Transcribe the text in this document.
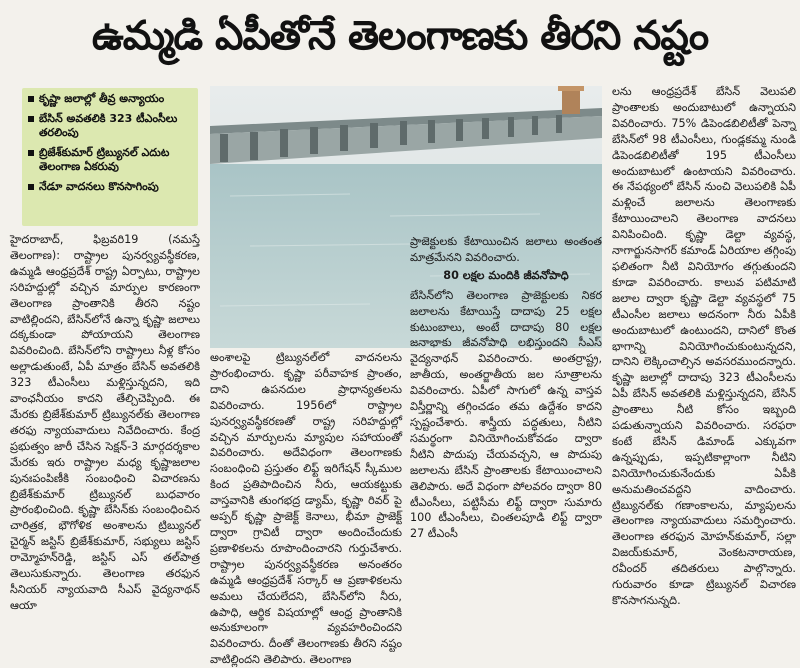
ఉమ్మడి ఏపీతోనే తెలంగాణకు తీరని నష్టం
కృష్ణా జలాల్లో తీవ్ర అన్యాయం
బేసిన్ అవతలికి 323 టీఎంసీలు తరలింపు
బ్రిజేశ్‌కుమార్ ట్రిబ్యునల్ ఎదుట తెలంగాణ ఏకరువు
నేడూ వాదనలు కొనసాగింపు

హైదరాబాద్, ఫిబ్రవరి19 (నమస్తే తెలంగాణ): రాష్ట్రాల పునర్వ్యవస్థీకరణ, ఉమ్మడి ఆంధ్రప్రదేశ్ రాష్ట్ర ఏర్పాటు, రాష్ట్రాల సరిహద్దుల్లో వచ్చిన మార్పుల కారణంగా తెలంగాణ ప్రాంతానికి తీరని నష్టం వాటిల్లిందని, బేసిన్‌లోనే ఉన్నా కృష్ణా జలాలు దక్కకుండా పోయాయని తెలంగాణ వివరించింది. బేసిన్‌లోని రాష్ట్రాలు నీళ్ల కోసం అల్లాడుతుంటే, ఏపీ మాత్రం బేసిన్ అవతలికి 323 టీఎంసీలు మళ్లిస్తున్నదని, ఇది వాంఛనీయం కాదని తేల్చిచెప్పింది. ఈ మేరకు బ్రిజేశ్‌కుమార్ ట్రిబ్యునల్‌కు తెలంగాణ తరఫు న్యాయవాదులు నివేదించారు. కేంద్ర ప్రభుత్వం జారీ చేసిన సెక్షన్-3 మార్గదర్శకాల మేరకు ఇరు రాష్ట్రాల మధ్య కృష్ణాజలాల పునఃపంపిణీకి సంబంధించి విచారణను బ్రిజేశ్‌కుమార్ ట్రిబ్యునల్ బుధవారం ప్రారంభించింది. కృష్ణా బేసిన్‌కు సంబంధించిన చారిత్రక, భౌగోళిక అంశాలను ట్రిబ్యునల్ చైర్మన్ జస్టిస్ బ్రిజేశ్‌కుమార్, సభ్యులు జస్టిస్ రామ్మోహన్‌రెడ్డి, జస్టిస్ ఎస్ తల్‌పాత్ర తెలుసుకున్నారు. తెలంగాణ తరఫున సీనియర్ న్యాయవాది సీఎస్ వైద్యనాథన్ ఆయా

అంశాలపై ట్రిబ్యునల్‌లో వాదనలను ప్రారంభించారు. కృష్ణా పరీవాహక ప్రాంతం, దాని ఉపనదుల ప్రాధాన్యతలను వివరించారు. 1956లో రాష్ట్రాల పునర్వ్యవస్థీకరణతో రాష్ట్ర సరిహద్దుల్లో వచ్చిన మార్పులను మ్యాపుల సహాయంతో వివరించారు. అదేవిధంగా తెలంగాణకు సంబంధించి ప్రస్తుతం లిఫ్ట్ ఇరిగేషన్ స్కీముల కింద ప్రతిపాదించిన నీరు, ఆయకట్టుకు వాస్తవానికి తుంగభద్ర డ్యామ్, కృష్ణా రివర్ పై అప్పర్ కృష్ణా ప్రాజెక్ట్ కెనాలు, భీమా ప్రాజెక్ట్ ద్వారా గ్రావిటీ ద్వారా అందించేందుకు ప్రణాళికలను రూపొందించారని గుర్తుచేశారు. రాష్ట్రాల పునర్వ్యవస్థీకరణ అనంతరం ఉమ్మడి ఆంధ్రప్రదేశ్ సర్కార్ ఆ ప్రణాళికలను అమలు చేయలేదని, బేసిన్‌లోని నీరు, ఉపాధి, ఆర్థిక విషయాల్లో ఆంధ్ర ప్రాంతానికి అనుకూలంగా వ్యవహరించిందని వివరించారు. దీంతో తెలంగాణకు తీరని నష్టం వాటిల్లిందని తెలిపారు. తెలంగాణ

ప్రాజెక్టులకు కేటాయించిన జలాలు అంతంత మాత్రమేనని వివరించారు.

80 లక్షల మందికి జీవనోపాధి

బేసిన్‌లోని తెలంగాణ ప్రాజెక్టులకు నికర జలాలను కేటాయిస్తే దాదాపు 25 లక్షల కుటుంబాలు, అంటే దాదాపు 80 లక్షల జనాభాకు జీవనోపాధి లభిస్తుందని సీఎస్ వైద్యనాథన్ వివరించారు. అంతర్రాష్ట్ర, జాతీయ, అంతర్జాతీయ జల సూత్రాలను వివరించారు. ఏపీలో సాగులో ఉన్న వాస్తవ విస్తీర్ణాన్ని తగ్గించడం తమ ఉద్దేశం కాదని స్పష్టంచేశారు. శాస్త్రీయ పద్ధతులు, నీటిని సమర్థంగా వినియోగించుకోవడం ద్వారా నీటిని పొదుపు చేయవచ్చని, ఆ పొదుపు జలాలను బేసిన్ ప్రాంతాలకు కేటాయించాలని తెలిపారు. అదే విధంగా పోలవరం ద్వారా 80 టీఎంసీలు, పట్టిసీమ లిఫ్ట్ ద్వారా సుమారు 100 టీఎంసీలు, చింతలపూడి లిఫ్ట్ ద్వారా 27 టీఎంసీ

లను ఆంధ్రప్రదేశ్ బేసిన్ వెలుపలి ప్రాంతాలకు అందుబాటులో ఉన్నాయని వివరించారు. 75% డిపెండబిలిటీతో పెన్నా బేసిన్‌లో 98 టీఎంసీలు, గుండ్లకమ్మ నుండి డిపెండబిలిటీతో 195 టీఎంసీలు అందుబాటులో ఉంటాయని వివరించారు. ఈ నేపథ్యంలో బేసిన్ నుంచి వెలుపలికి ఏపీ మళ్లించే జలాలను తెలంగాణకు కేటాయించాలని తెలంగాణ వాదనలు వినిపించింది. కృష్ణా డెల్టా వ్యవస్థ, నాగార్జునసాగర్ కమాండ్ ఏరియాల తగ్గింపు ఫలితంగా నీటి వినియోగం తగ్గుతుందని కూడా వివరించారు. కాలువ పటిమాటి జలాల ద్వారా కృష్ణా డెల్టా వ్యవస్థలో 75 టీఎంసీల జలాలు అదనంగా నీరు ఏపీకి అందుబాటులో ఉంటుందని, దానిలో కొంత భాగాన్ని వినియోగించుకుంటున్నదని, దానిని లెక్కించాల్సిన అవసరముందన్నారు. కృష్ణా జలాల్లో దాదాపు 323 టీఎంసీలను ఏపీ బేసిన్ అవతలికి మళ్లిస్తున్నదని, బేసిన్ ప్రాంతాలు నీటి కోసం ఇబ్బంది పడుతున్నాయని వివరించారు. సరఫరా కంటే బేసిన్ డిమాండ్ ఎక్కువగా ఉన్నప్పుడు, ఇప్పటికాల్లాంగా నీటిని వినియోగించుకునేందుకు ఏపీకి అనుమతించవద్దని వాదించారు. ట్రిబ్యునల్‌కు గణాంకాలను, మ్యాపులను తెలంగాణ న్యాయవాదులు సమర్పించారు. తెలంగాణ తరఫున మోహన్‌కుమార్, సల్లా విజయ్‌కుమార్, వెంకటనారాయణ, రవీందర్ తదితరులు పాల్గొన్నారు. గురువారం కూడా ట్రిబ్యునల్ విచారణ కొనసాగనున్నది.
